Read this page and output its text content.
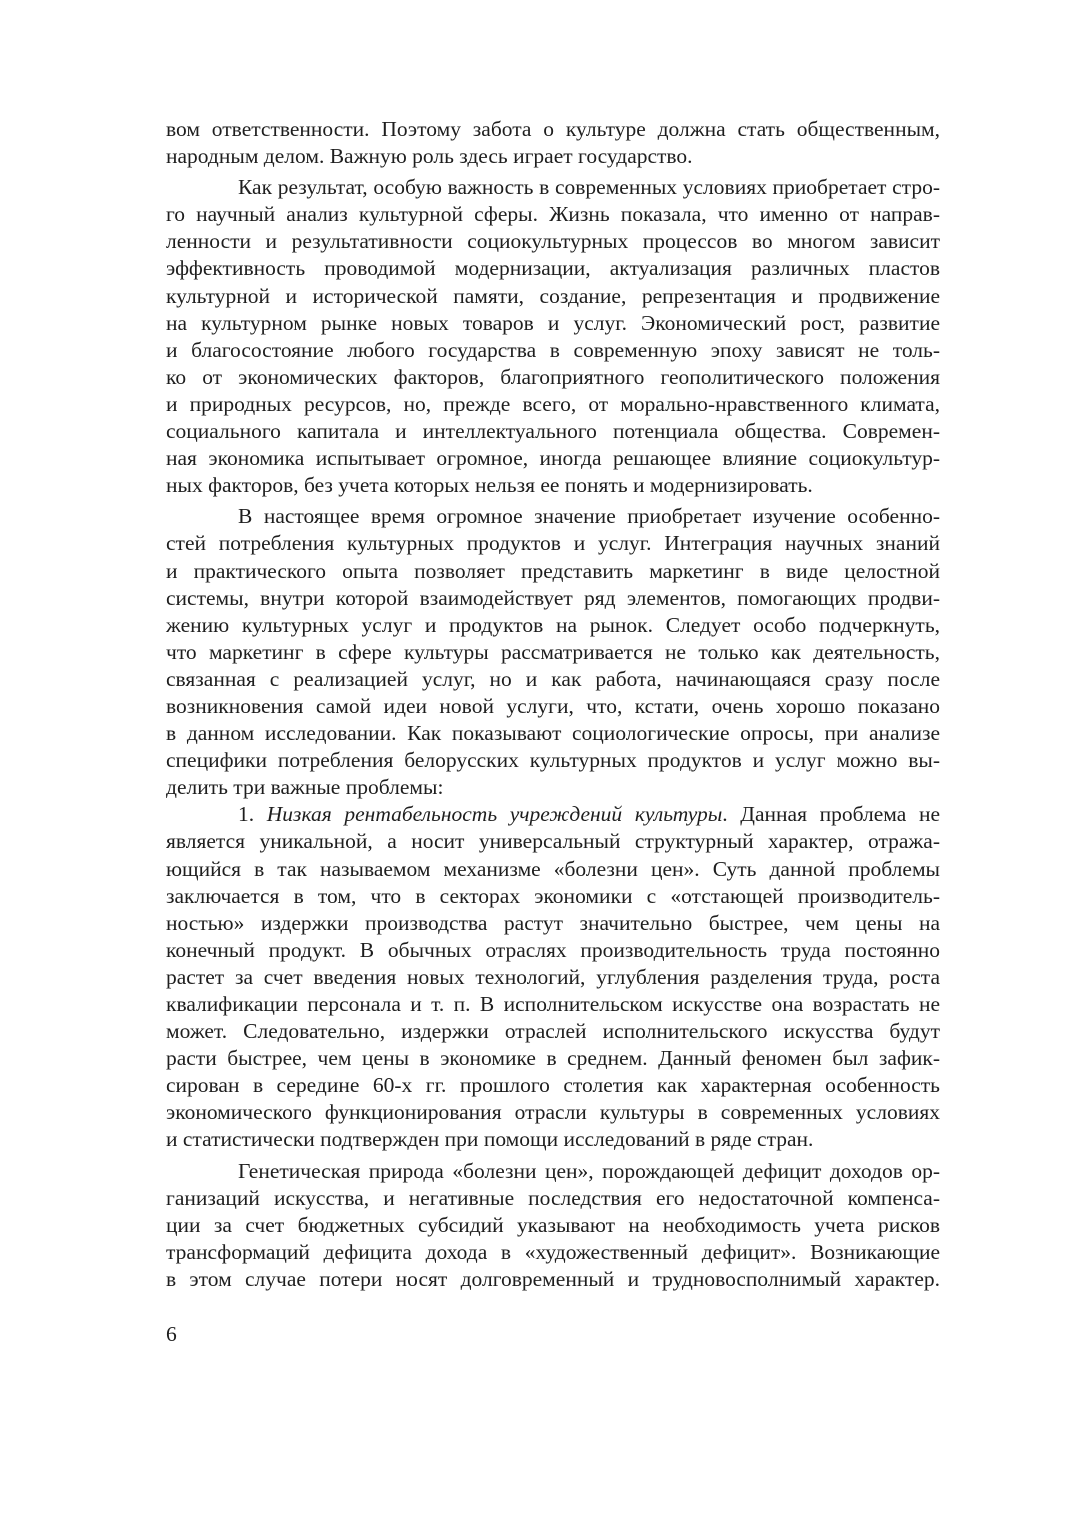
вом ответственности. Поэтому забота о культуре должна стать общественным,
народным делом. Важную роль здесь играет государство.
Как результат, особую важность в современных условиях приобретает стро-
го научный анализ культурной сферы. Жизнь показала, что именно от направ-
ленности и результативности социокультурных процессов во многом зависит
эффективность проводимой модернизации, актуализация различных пластов
культурной и исторической памяти, создание, репрезентация и продвижение
на культурном рынке новых товаров и услуг. Экономический рост, развитие
и благосостояние любого государства в современную эпоху зависят не толь-
ко от экономических факторов, благоприятного геополитического положения
и природных ресурсов, но, прежде всего, от морально-нравственного климата,
социального капитала и интеллектуального потенциала общества. Современ-
ная экономика испытывает огромное, иногда решающее влияние социокультур-
ных факторов, без учета которых нельзя ее понять и модернизировать.
В настоящее время огромное значение приобретает изучение особенно-
стей потребления культурных продуктов и услуг. Интеграция научных знаний
и практического опыта позволяет представить маркетинг в виде целостной
системы, внутри которой взаимодействует ряд элементов, помогающих продви-
жению культурных услуг и продуктов на рынок. Следует особо подчеркнуть,
что маркетинг в сфере культуры рассматривается не только как деятельность,
связанная с реализацией услуг, но и как работа, начинающаяся сразу после
возникновения самой идеи новой услуги, что, кстати, очень хорошо показано
в данном исследовании. Как показывают социологические опросы, при анализе
специфики потребления белорусских культурных продуктов и услуг можно вы-
делить три важные проблемы:
1. Низкая рентабельность учреждений культуры. Данная проблема не
является уникальной, а носит универсальный структурный характер, отража-
ющийся в так называемом механизме «болезни цен». Суть данной проблемы
заключается в том, что в секторах экономики с «отстающей производитель-
ностью» издержки производства растут значительно быстрее, чем цены на
конечный продукт. В обычных отраслях производительность труда постоянно
растет за счет введения новых технологий, углубления разделения труда, роста
квалификации персонала и т. п. В исполнительском искусстве она возрастать не
может. Следовательно, издержки отраслей исполнительского искусства будут
расти быстрее, чем цены в экономике в среднем. Данный феномен был зафик-
сирован в середине 60-х гг. прошлого столетия как характерная особенность
экономического функционирования отрасли культуры в современных условиях
и статистически подтвержден при помощи исследований в ряде стран.
Генетическая природа «болезни цен», порождающей дефицит доходов ор-
ганизаций искусства, и негативные последствия его недостаточной компенса-
ции за счет бюджетных субсидий указывают на необходимость учета рисков
трансформаций дефицита дохода в «художественный дефицит». Возникающие
в этом случае потери носят долговременный и трудновосполнимый характер.
6
